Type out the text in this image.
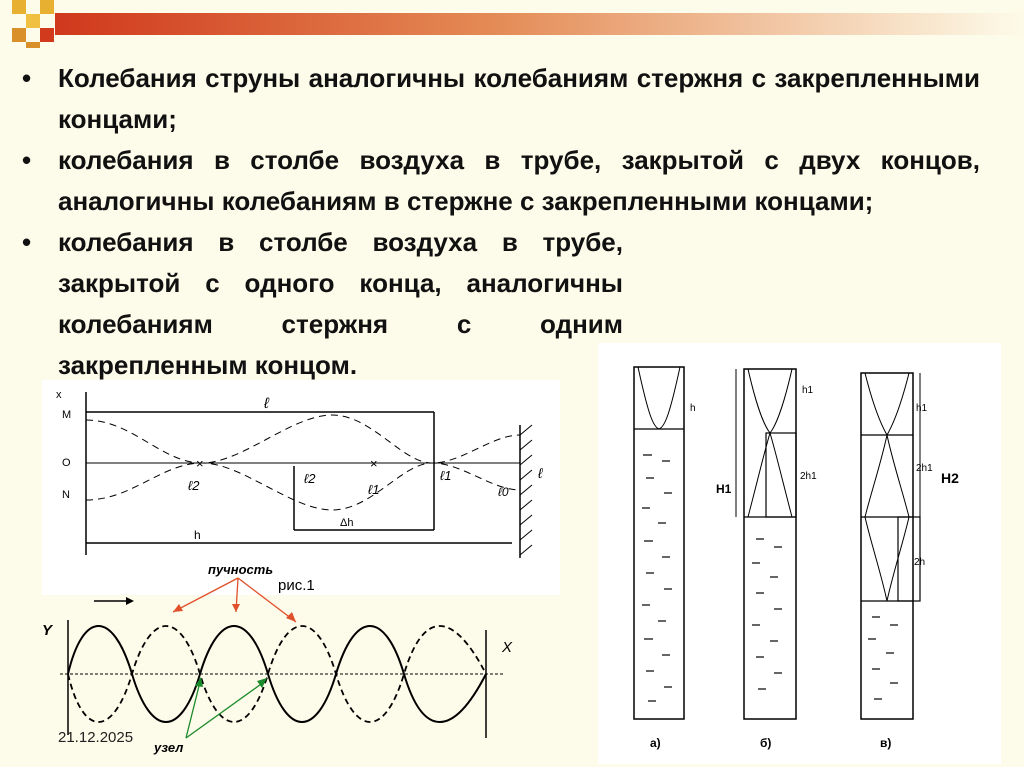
• Колебания струны аналогичны колебаниям стержня с закрепленными концами;
• колебания в столбе воздуха в трубе, закрытой с двух концов, аналогичны колебаниям в стержне с закрепленными концами;
• колебания в столбе воздуха в трубе, закрытой с одного конца, аналогичны колебаниям стержня с одним закрепленным концом.
x
M
O
N
×	×
ℓ
h
ℓ2	ℓ2
Δh
ℓ1
ℓ1
ℓ0
ℓ
рис.1
пучность
Y
X
узел
21.12.2025
h
а)
h1
H1
2h1
б)
h1
2h1
H2
2h
в)
